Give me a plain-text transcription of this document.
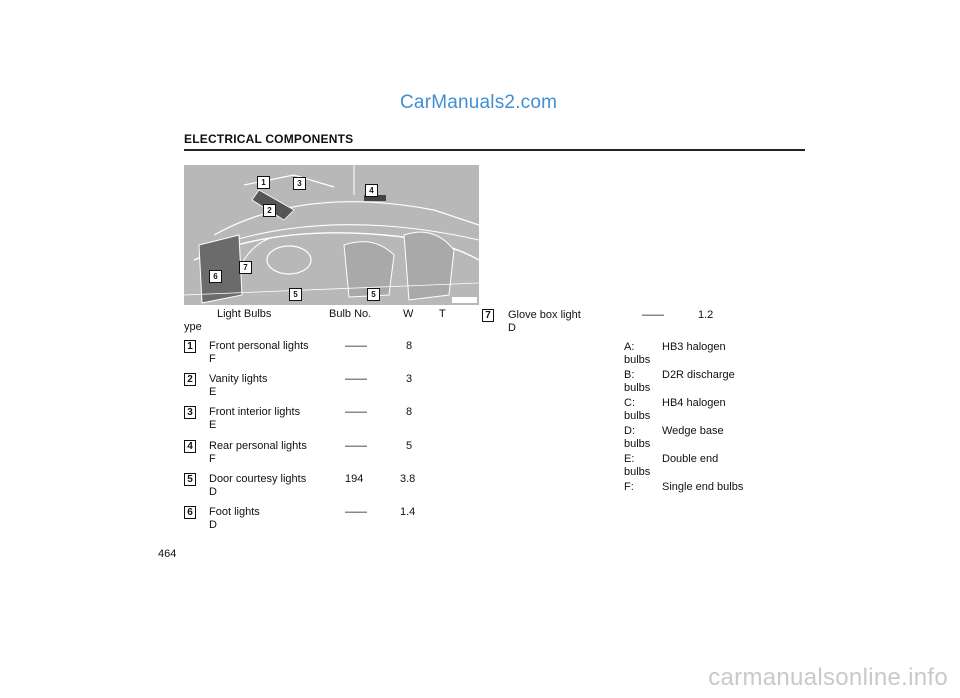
CarManuals2.com
ELECTRICAL COMPONENTS
1	3
4
2
7
6
5	5
Light Bulbs	Bulb No.	W T
ype
1 Front personal lights	——	8
F
2 Vanity lights	——	3
E
3 Front interior lights	——	8
E
4 Rear personal lights	——	5
F
5 Door courtesy lights	194	3.8
D
6 Foot lights	——	1.4
D
7 Glove box light	——	1.2
D
A:	HB3 halogen
bulbs
B:	D2R discharge
bulbs
C: HB4 halogen
bulbs
D: Wedge base
bulbs
E:	Double end
bulbs
F:	Single end bulbs
464
carmanualsonline.info
